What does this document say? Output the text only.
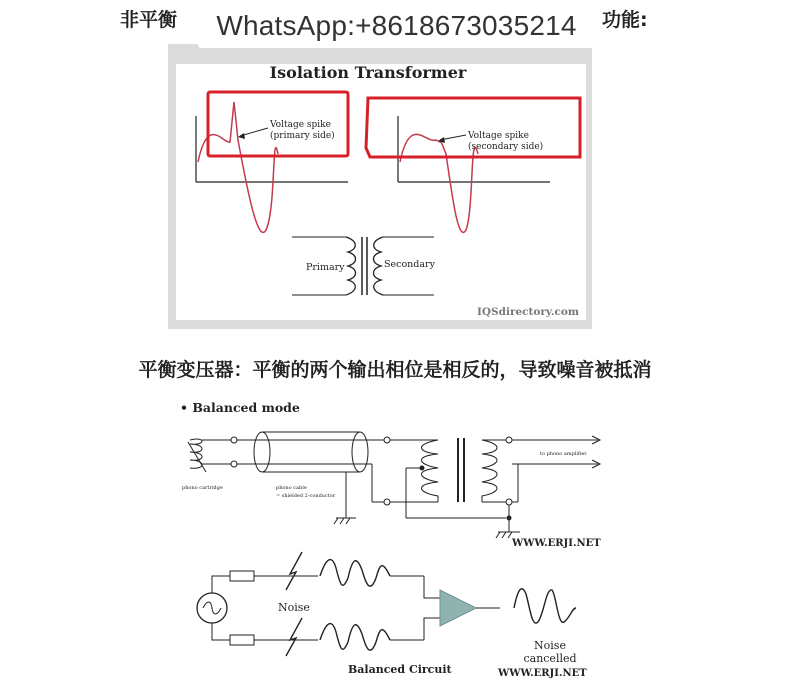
非平衡	功能:
Isolation Transformer
Voltage spike
(primary side)	Voltage spike
(secondary side)
Primary	Secondary
IQSdirectory.com
WhatsApp:+8618673035214
平衡变压器：平衡的两个输出相位是相反的，导致噪音被抵消
• Balanced mode
phono cartridge	phono cable
= shielded 2-conductor
to phono amplifier
WWW.ERJI.NET
Noise
Noise
cancelled
Balanced Circuit	WWW.ERJI.NET
